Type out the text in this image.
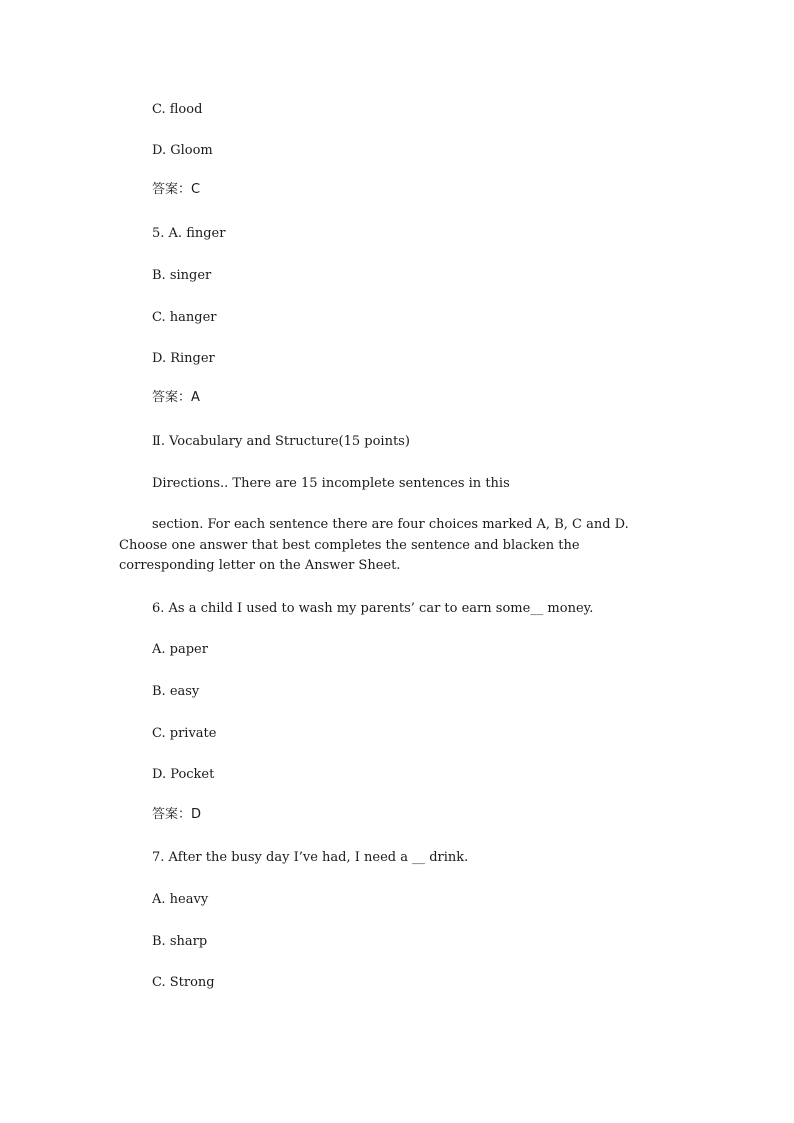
C. flood
D. Gloom
答案：C
5. A. finger
B. singer
C. hanger
D. Ringer
答案：A
Ⅱ. Vocabulary and Structure(15 points)
Directions.. There are 15 incomplete sentences in this
section. For each sentence there are four choices marked A, B, C and D. Choose one answer that best completes the sentence and blacken the corresponding letter on the Answer Sheet.
6. As a child I used to wash my parents’ car to earn some__ money.
A. paper
B. easy
C. private
D. Pocket
答案：D
7. After the busy day I’ve had, I need a __ drink.
A. heavy
B. sharp
C. Strong
